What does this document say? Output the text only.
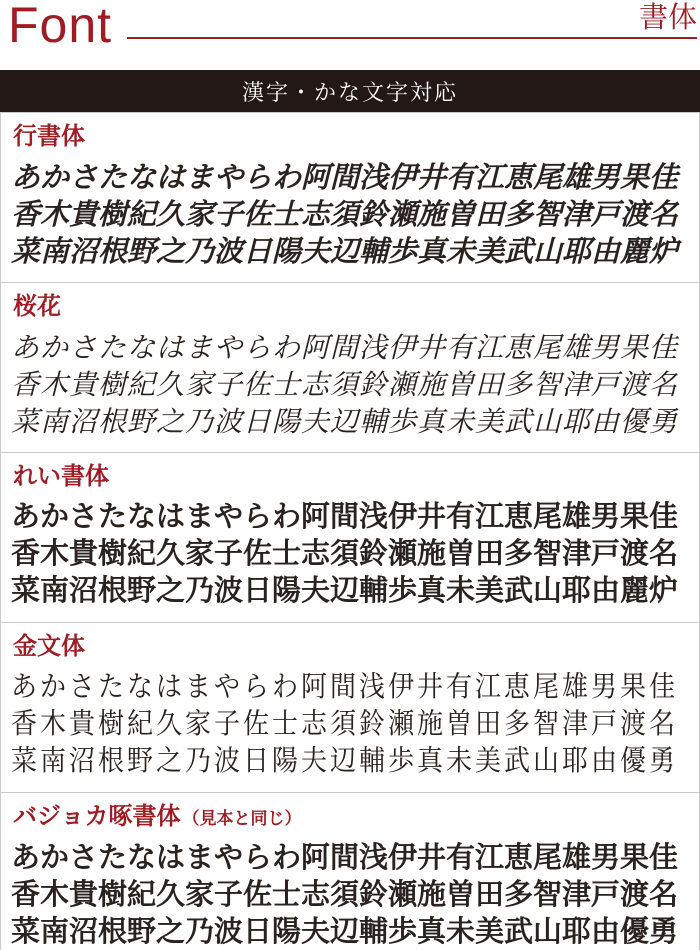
Font	書体
漢字・かな文字対応
行書体
あかさたなはまやらわ阿間浅伊井有江恵尾雄男果佳
香木貴樹紀久家子佐士志須鈴瀬施曽田多智津戸渡名
菜南沼根野之乃波日陽夫辺輔歩真未美武山耶由麗炉
桜花
あかさたなはまやらわ阿間浅伊井有江恵尾雄男果佳
香木貴樹紀久家子佐士志須鈴瀬施曽田多智津戸渡名
菜南沼根野之乃波日陽夫辺輔歩真未美武山耶由優勇
れい書体
あかさたなはまやらわ阿間浅伊井有江恵尾雄男果佳
香木貴樹紀久家子佐士志須鈴瀬施曽田多智津戸渡名
菜南沼根野之乃波日陽夫辺輔歩真未美武山耶由麗炉
金文体
あかさたなはまやらわ阿間浅伊井有江恵尾雄男果佳
香木貴樹紀久家子佐士志須鈴瀬施曽田多智津戸渡名
菜南沼根野之乃波日陽夫辺輔歩真未美武山耶由優勇
バジョカ啄書体 （見本と同じ）
あかさたなはまやらわ阿間浅伊井有江恵尾雄男果佳
香木貴樹紀久家子佐士志須鈴瀬施曽田多智津戸渡名
菜南沼根野之乃波日陽夫辺輔歩真未美武山耶由優勇
